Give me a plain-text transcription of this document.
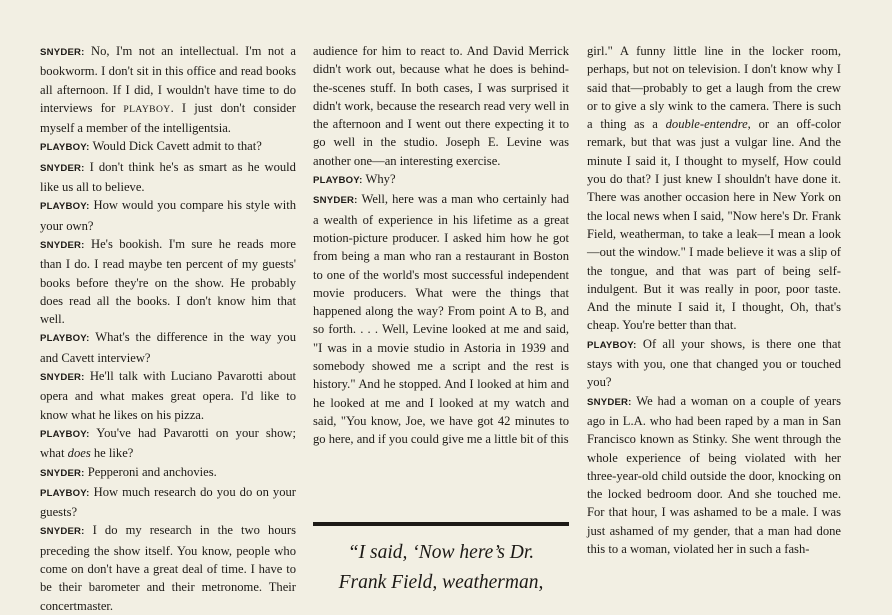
SNYDER: No, I'm not an intellectual. I'm not a bookworm. I don't sit in this office and read books all afternoon. If I did, I wouldn't have time to do interviews for PLAYBOY. I just don't consider myself a member of the intelligentsia.

PLAYBOY: Would Dick Cavett admit to that?

SNYDER: I don't think he's as smart as he would like us all to believe.

PLAYBOY: How would you compare his style with your own?

SNYDER: He's bookish. I'm sure he reads more than I do. I read maybe ten percent of my guests' books before they're on the show. He probably does read all the books. I don't know him that well.

PLAYBOY: What's the difference in the way you and Cavett interview?

SNYDER: He'll talk with Luciano Pavarotti about opera and what makes great opera. I'd like to know what he likes on his pizza.

PLAYBOY: You've had Pavarotti on your show; what does he like?

SNYDER: Pepperoni and anchovies.

PLAYBOY: How much research do you do on your guests?

SNYDER: I do my research in the two hours preceding the show itself. You know, people who come on don't have a great deal of time. I have to be their barometer and their metronome. Their concertmaster.

audience for him to react to. And David Merrick didn't work out, because what he does is behind-the-scenes stuff. In both cases, I was surprised it didn't work, because the research read very well in the afternoon and I went out there expecting it to go well in the studio. Joseph E. Levine was another one—an interesting exercise.

PLAYBOY: Why?

SNYDER: Well, here was a man who certainly had a wealth of experience in his lifetime as a great motion-picture producer. I asked him how he got from being a man who ran a restaurant in Boston to one of the world's most successful independent movie producers. What were the things that happened along the way? From point A to B, and so forth. . . . Well, Levine looked at me and said, "I was in a movie studio in Astoria in 1939 and somebody showed me a script and the rest is history." And he stopped. And I looked at him and he looked at me and I looked at my watch and said, "You know, Joe, we have got 42 minutes to go here, and if you could give me a little bit of this

“I said, ‘Now here’s Dr.

Frank Field, weatherman,

girl." A funny little line in the locker room, perhaps, but not on television. I don't know why I said that—probably to get a laugh from the crew or to give a sly wink to the camera. There is such a thing as a double-entendre, or an off-color remark, but that was just a vulgar line. And the minute I said it, I thought to myself, How could you do that? I just knew I shouldn't have done it. There was another occasion here in New York on the local news when I said, "Now here's Dr. Frank Field, weatherman, to take a leak—I mean a look—out the window." I made believe it was a slip of the tongue, and that was part of being self-indulgent. But it was really in poor, poor taste. And the minute I said it, I thought, Oh, that's cheap. You're better than that.

PLAYBOY: Of all your shows, is there one that stays with you, one that changed you or touched you?

SNYDER: We had a woman on a couple of years ago in L.A. who had been raped by a man in San Francisco known as Stinky. She went through the whole experience of being violated with her three-year-old child outside the door, knocking on the locked bedroom door. And she touched me. For that hour, I was ashamed to be a male. I was just ashamed of my gender, that a man had done this to a woman, violated her in such a fash-
